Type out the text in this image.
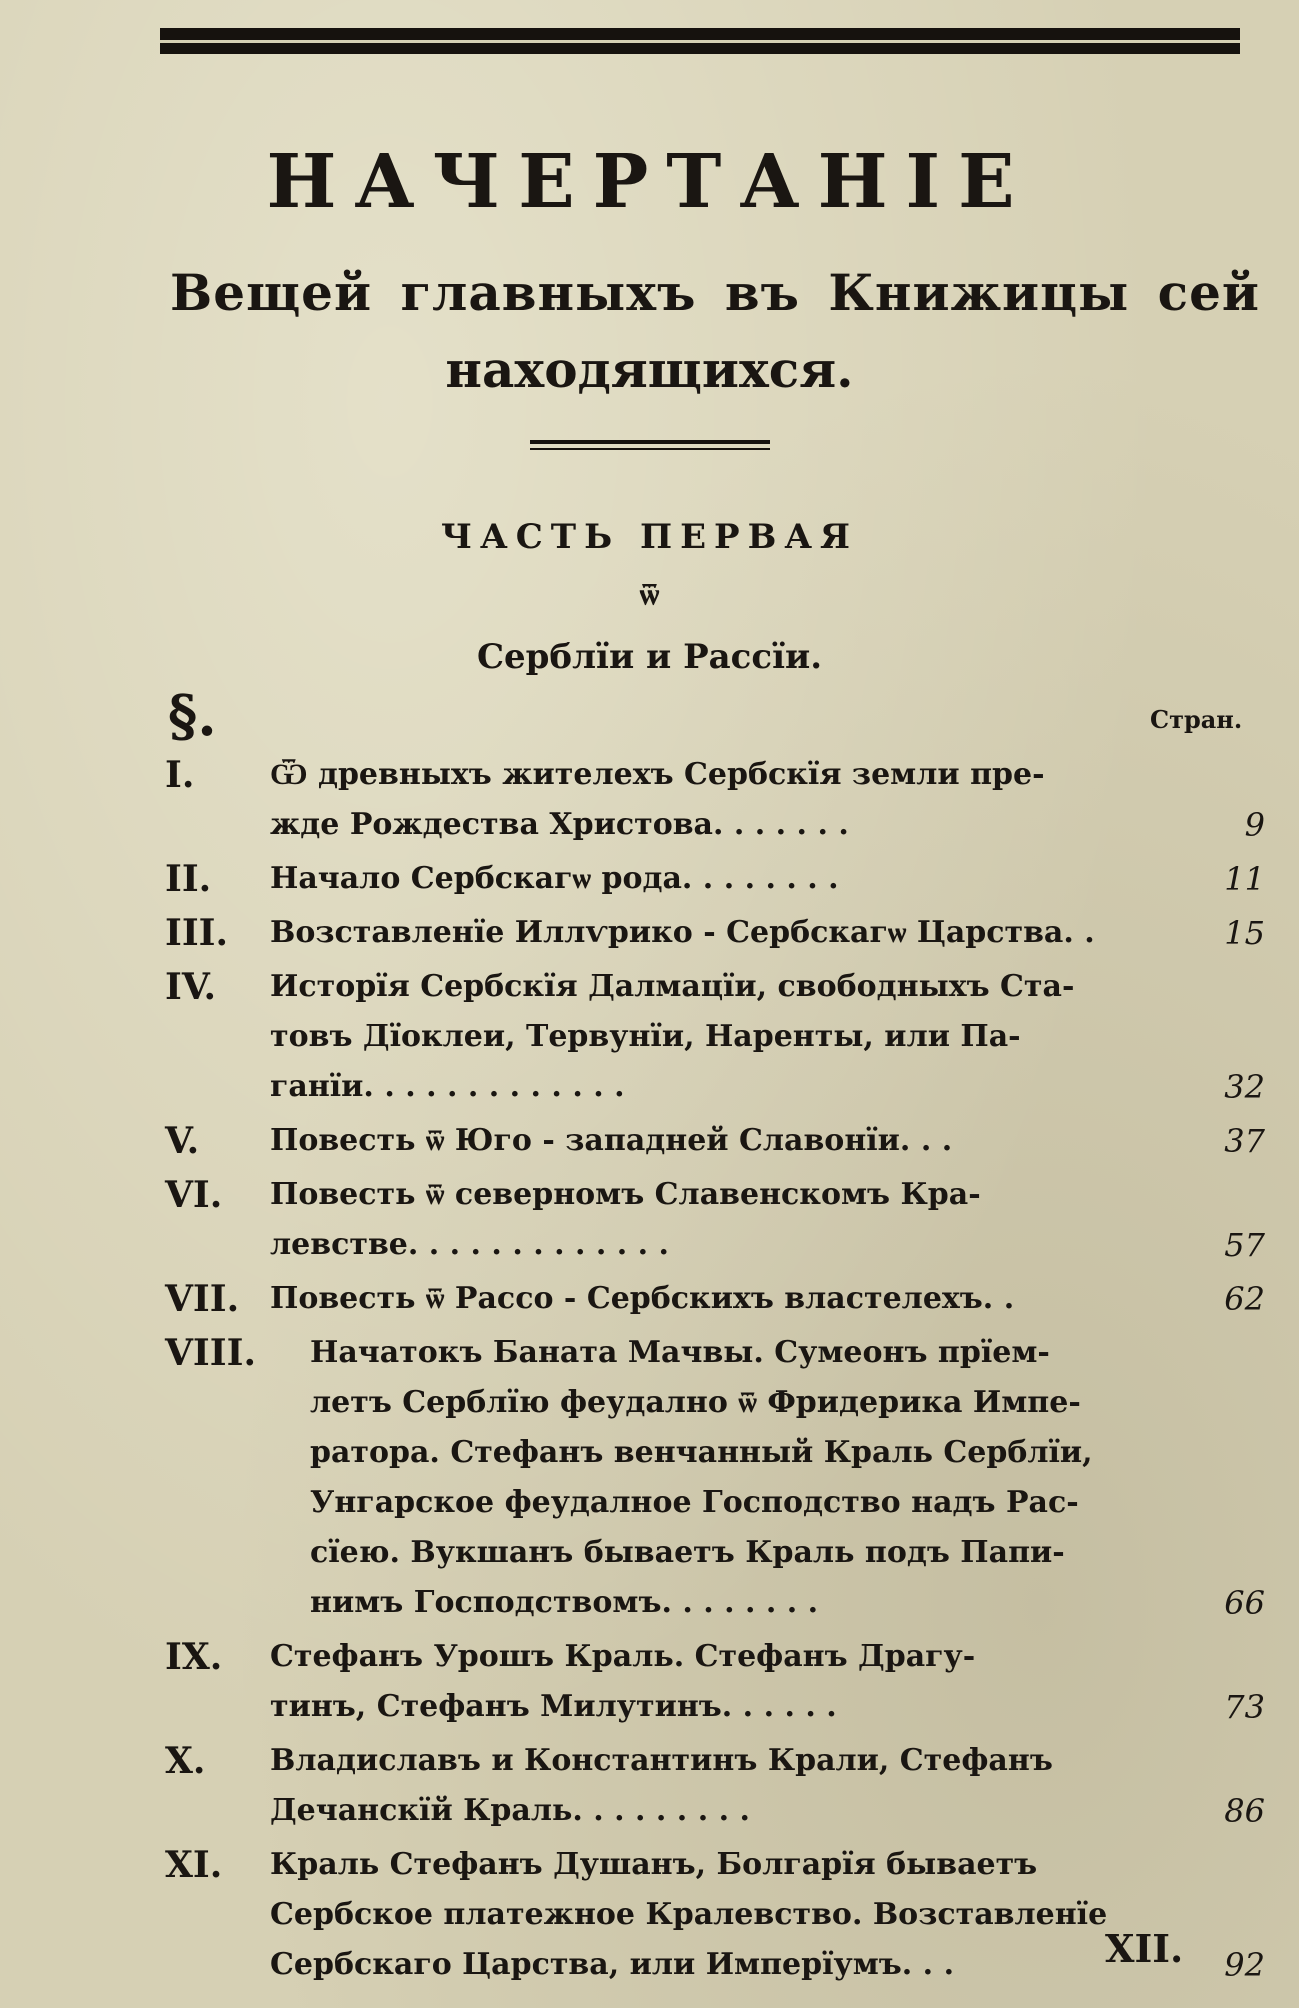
НАЧЕРТАНІЕ
Вещей главныхъ въ Книжицы сей
находящихся.
ЧАСТЬ ПЕРВАЯ
ѿ
Серблїи и Рассїи.
§.	Стран.
I.	Ѿ древныхъ жителехъ Сербскїя земли пре-
жде Рождества Христова. . . . . . .	9
II. Начало Сербскагѡ рода. . . . . . . .	11
III. Возставленїе Иллѵрико - Сербскагѡ Царства. .	15
IV. Исторїя Сербскїя Далмацїи, свободныхъ Ста-
товъ Дїоклеи, Тервунїи, Наренты, или Па-
ганїи. . . . . . . . . . . . .	32
V. Повесть ѿ Юго - западней Славонїи. . .	37
VI. Повесть ѿ северномъ Славенскомъ Кра-
левстве. . . . . . . . . . . . .	57
VII. Повесть ѿ Рассо - Сербскихъ властелехъ. .	62
VIII. Начатокъ Баната Мачвы. Сумеонъ прїем-
летъ Серблїю феудално ѿ Фридерика Импе-
ратора. Стефанъ венчанный Краль Серблїи,
Унгарское феудалное Господство надъ Рас-
сїею. Вукшанъ бываетъ Краль подъ Папи-
нимъ Господствомъ. . . . . . . .	66
IX. Стефанъ Урошъ Краль. Стефанъ Драгу-
тинъ, Стефанъ Милутинъ. . . . . .	73
X. Владиславъ и Константинъ Крали, Стефанъ
Дечанскїй Краль. . . . . . . . .	86
XI. Краль Стефанъ Душанъ, Болгарїя бываетъ
Сербское платежное Кралевство. Возставленїе
Сербскаго Царства, или Имперїумъ. . .	92
XII.
